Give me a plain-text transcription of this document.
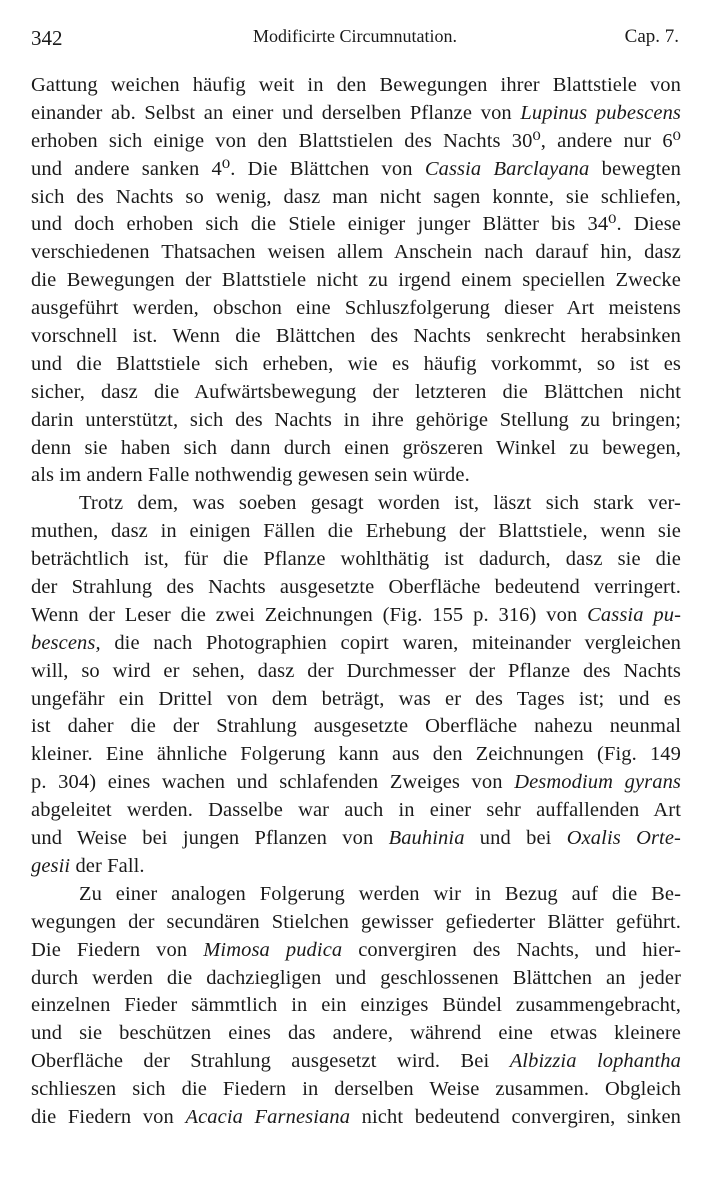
342	Modificirte Circumnutation.	Cap. 7.
Gattung weichen häufig weit in den Bewegungen ihrer Blattstiele von
einander ab. Selbst an einer und derselben Pflanze von Lupinus pubescens
erhoben sich einige von den Blattstielen des Nachts 30⁰, andere nur 6⁰
und andere sanken 4⁰. Die Blättchen von Cassia Barclayana bewegten
sich des Nachts so wenig, dasz man nicht sagen konnte, sie schliefen,
und doch erhoben sich die Stiele einiger junger Blätter bis 34⁰. Diese
verschiedenen Thatsachen weisen allem Anschein nach darauf hin, dasz
die Bewegungen der Blattstiele nicht zu irgend einem speciellen Zwecke
ausgeführt werden, obschon eine Schluszfolgerung dieser Art meistens
vorschnell ist. Wenn die Blättchen des Nachts senkrecht herabsinken
und die Blattstiele sich erheben, wie es häufig vorkommt, so ist es
sicher, dasz die Aufwärtsbewegung der letzteren die Blättchen nicht
darin unterstützt, sich des Nachts in ihre gehörige Stellung zu bringen;
denn sie haben sich dann durch einen gröszeren Winkel zu bewegen,
als im andern Falle nothwendig gewesen sein würde.
Trotz dem, was soeben gesagt worden ist, läszt sich stark ver-
muthen, dasz in einigen Fällen die Erhebung der Blattstiele, wenn sie
beträchtlich ist, für die Pflanze wohlthätig ist dadurch, dasz sie die
der Strahlung des Nachts ausgesetzte Oberfläche bedeutend verringert.
Wenn der Leser die zwei Zeichnungen (Fig. 155 p. 316) von Cassia pu-
bescens, die nach Photographien copirt waren, miteinander vergleichen
will, so wird er sehen, dasz der Durchmesser der Pflanze des Nachts
ungefähr ein Drittel von dem beträgt, was er des Tages ist; und es
ist daher die der Strahlung ausgesetzte Oberfläche nahezu neunmal
kleiner. Eine ähnliche Folgerung kann aus den Zeichnungen (Fig. 149
p. 304) eines wachen und schlafenden Zweiges von Desmodium gyrans
abgeleitet werden. Dasselbe war auch in einer sehr auffallenden Art
und Weise bei jungen Pflanzen von Bauhinia und bei Oxalis Orte-
gesii der Fall.
Zu einer analogen Folgerung werden wir in Bezug auf die Be-
wegungen der secundären Stielchen gewisser gefiederter Blätter geführt.
Die Fiedern von Mimosa pudica convergiren des Nachts, und hier-
durch werden die dachziegligen und geschlossenen Blättchen an jeder
einzelnen Fieder sämmtlich in ein einziges Bündel zusammengebracht,
und sie beschützen eines das andere, während eine etwas kleinere
Oberfläche der Strahlung ausgesetzt wird. Bei Albizzia lophantha
schlieszen sich die Fiedern in derselben Weise zusammen. Obgleich
die Fiedern von Acacia Farnesiana nicht bedeutend convergiren, sinken
